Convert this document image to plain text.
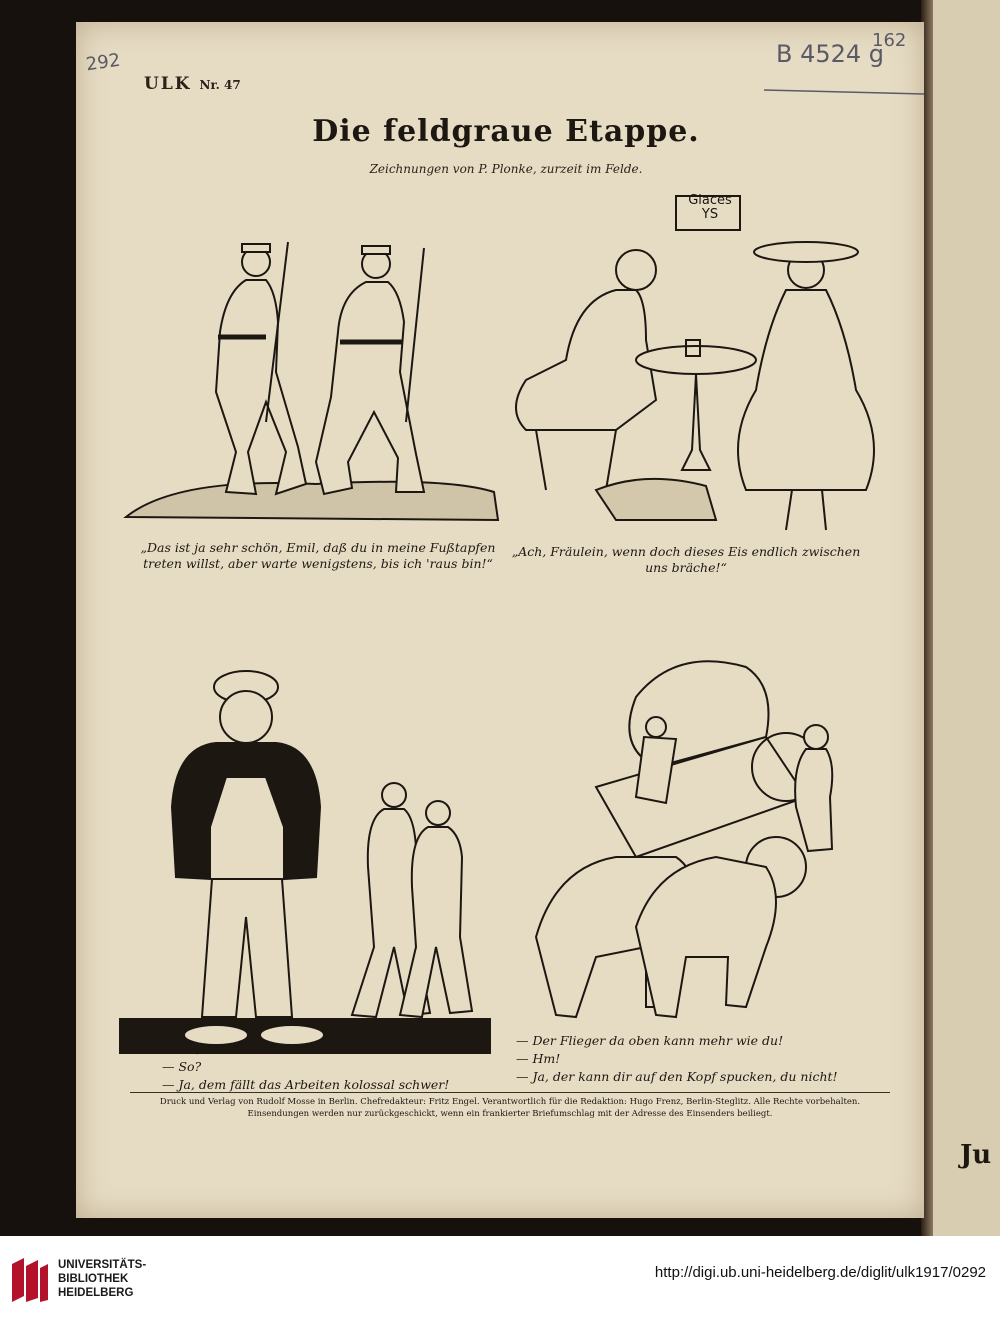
Ju
ULK Nr. 47
292	B 4524 g
162
Die feldgraue Etappe.
Zeichnungen von P. Plonke, zurzeit im Felde.
„Das ist ja sehr schön, Emil, daß du in meine Fußtapfen treten willst, aber warte wenigstens, bis ich 'raus bin!“
Glaces
YS
„Ach, Fräulein, wenn doch dieses Eis endlich zwischen uns bräche!“
— Du, das is ooch 'n Schwerarbeiter!
— So?
— Ja, dem fällt das Arbeiten kolossal schwer!
— Der Flieger da oben kann mehr wie du!
— Hm!
— Ja, der kann dir auf den Kopf spucken, du nicht!
Druck und Verlag von Rudolf Mosse in Berlin. Chefredakteur: Fritz Engel. Verantwortlich für die Redaktion: Hugo Frenz, Berlin-Steglitz. Alle Rechte vorbehalten. Einsendungen werden nur zurückgeschickt, wenn ein frankierter Briefumschlag mit der Adresse des Einsenders beiliegt.
UNIVERSITÄTS-
BIBLIOTHEK
HEIDELBERG
http://digi.ub.uni-heidelberg.de/diglit/ulk1917/0292
